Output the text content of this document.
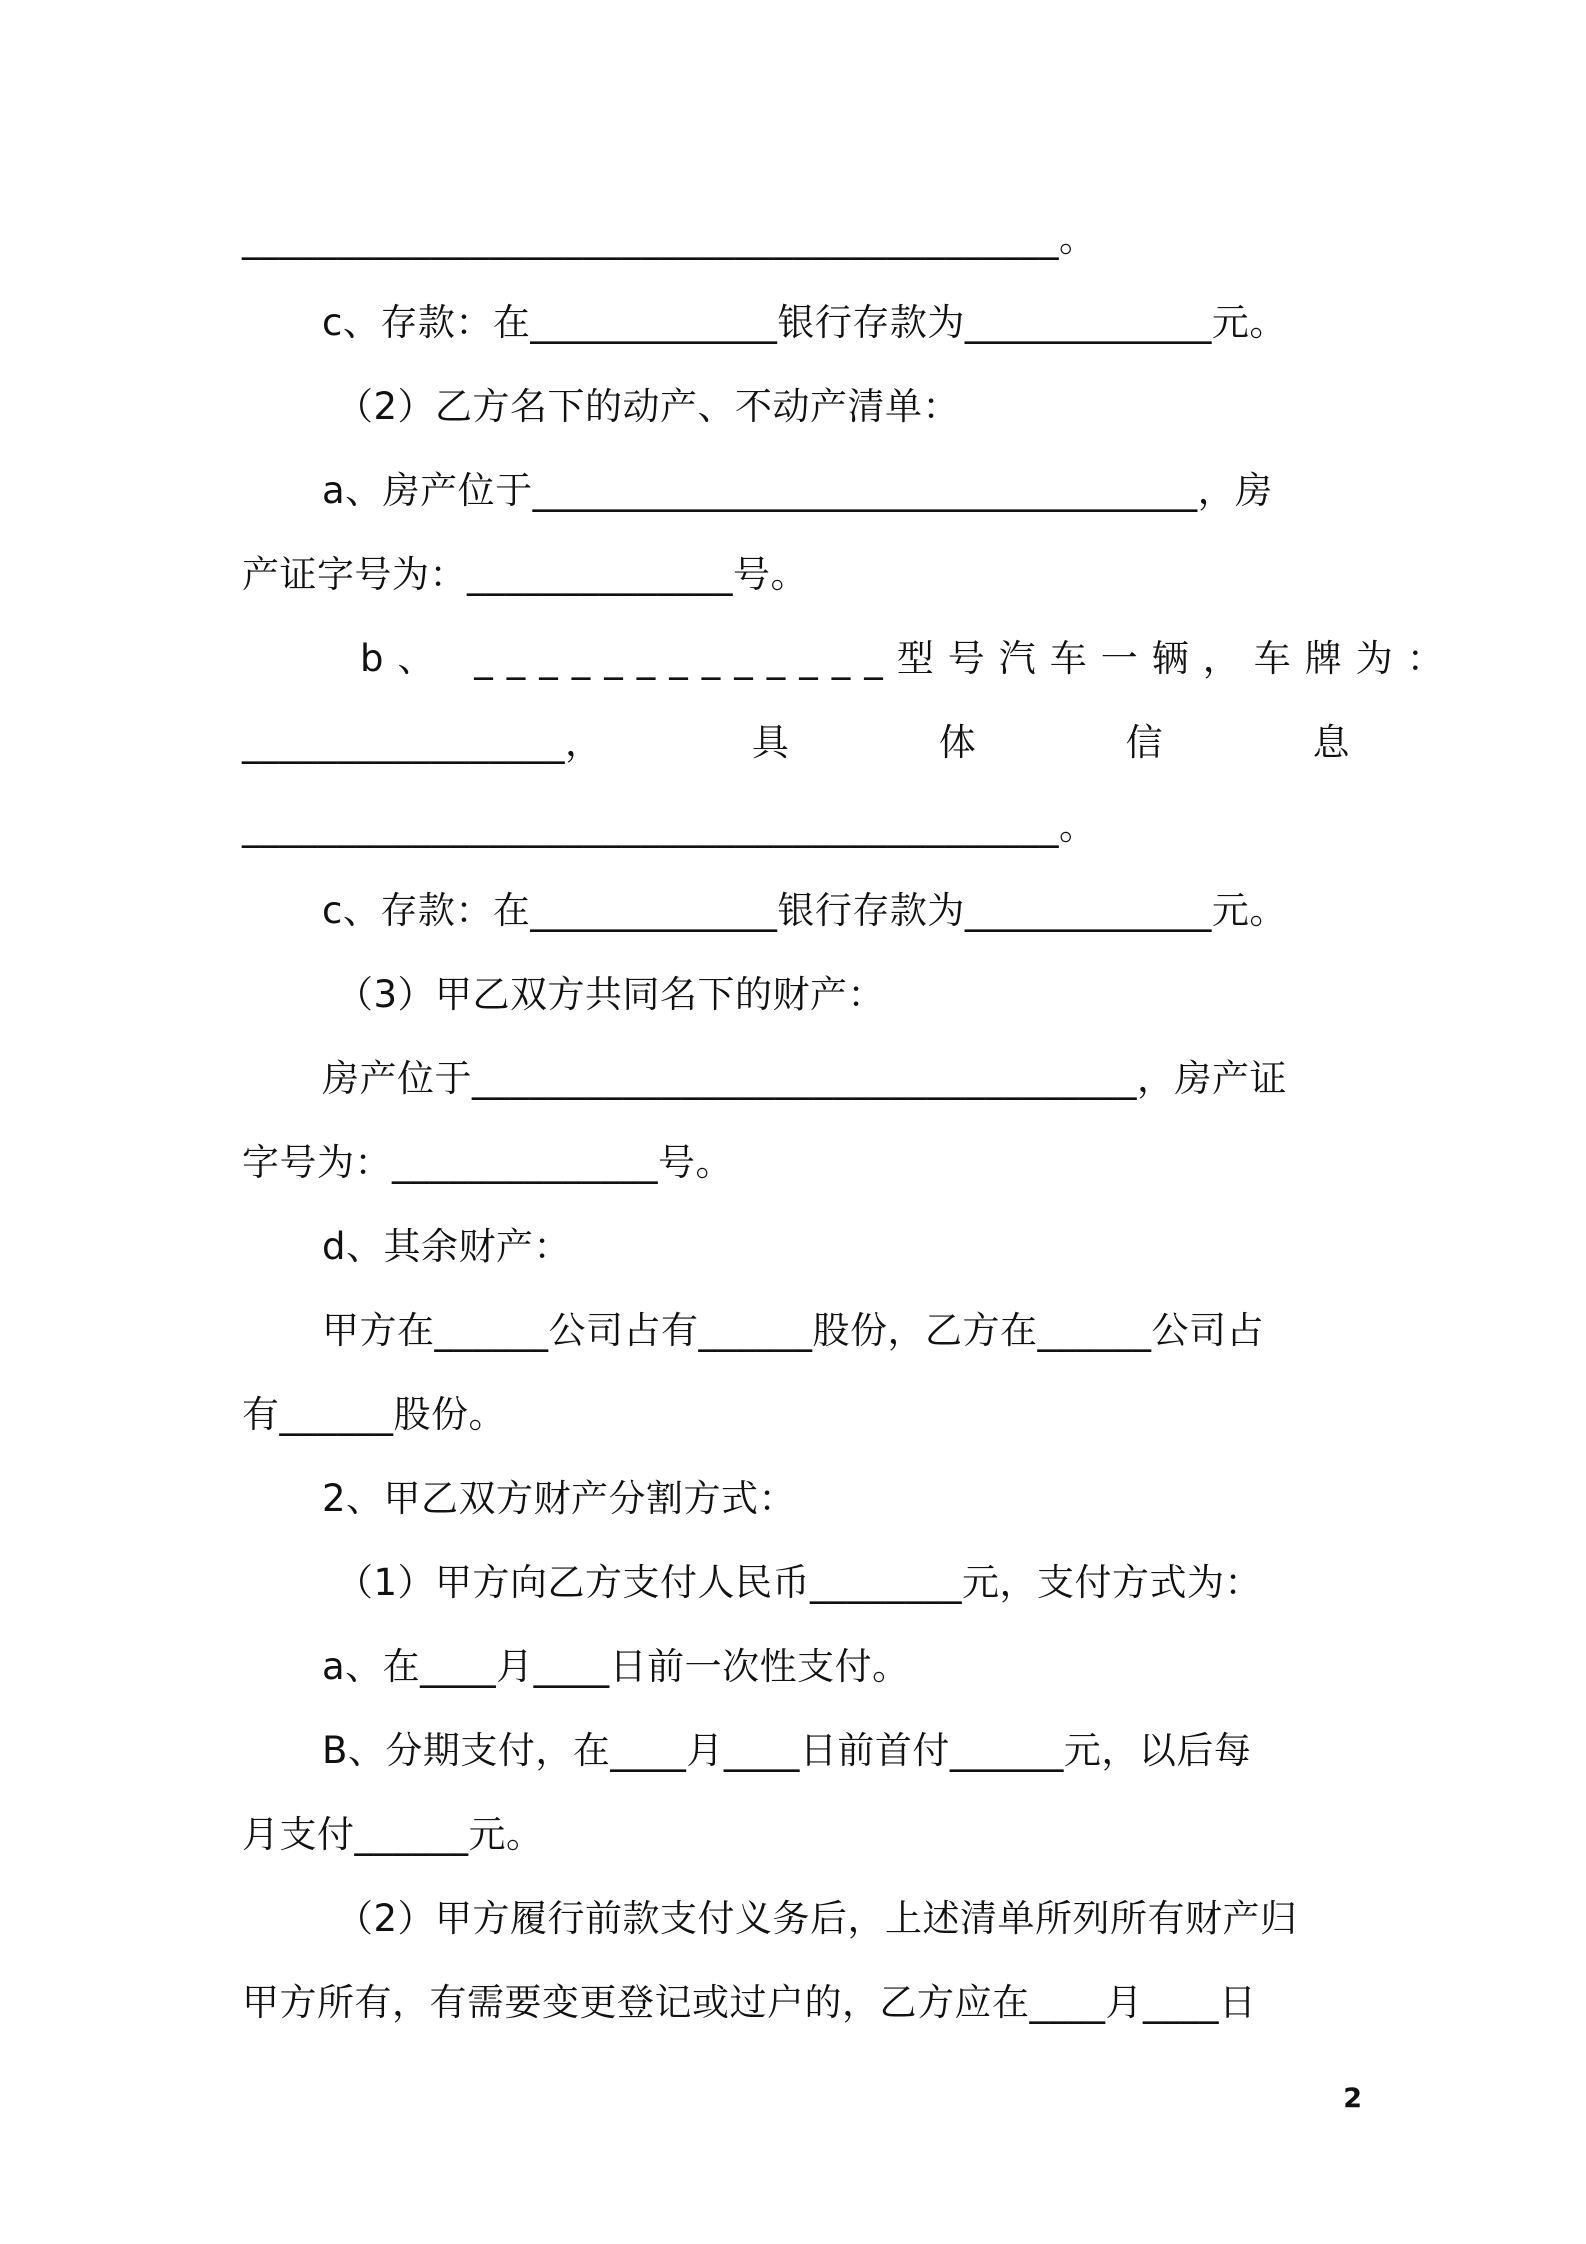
___________________________________________。
c、存款：在_____________银行存款为_____________元。
（2）乙方名下的动产、不动产清单：
a、房产位于___________________________________，房
产证字号为：______________号。
b、 _____________型号汽车一辆，车牌为：
_________________，	具	体	信	息
___________________________________________。
c、存款：在_____________银行存款为_____________元。
（3）甲乙双方共同名下的财产：
房产位于___________________________________，房产证
字号为：______________号。
d、其余财产：
甲方在______公司占有______股份，乙方在______公司占
有______股份。
2、甲乙双方财产分割方式：
（1）甲方向乙方支付人民币________元，支付方式为：
a、在____月____日前一次性支付。
B、分期支付，在____月____日前首付______元，以后每
月支付______元。
（2）甲方履行前款支付义务后，上述清单所列所有财产归
甲方所有，有需要变更登记或过户的，乙方应在____月____日
2
